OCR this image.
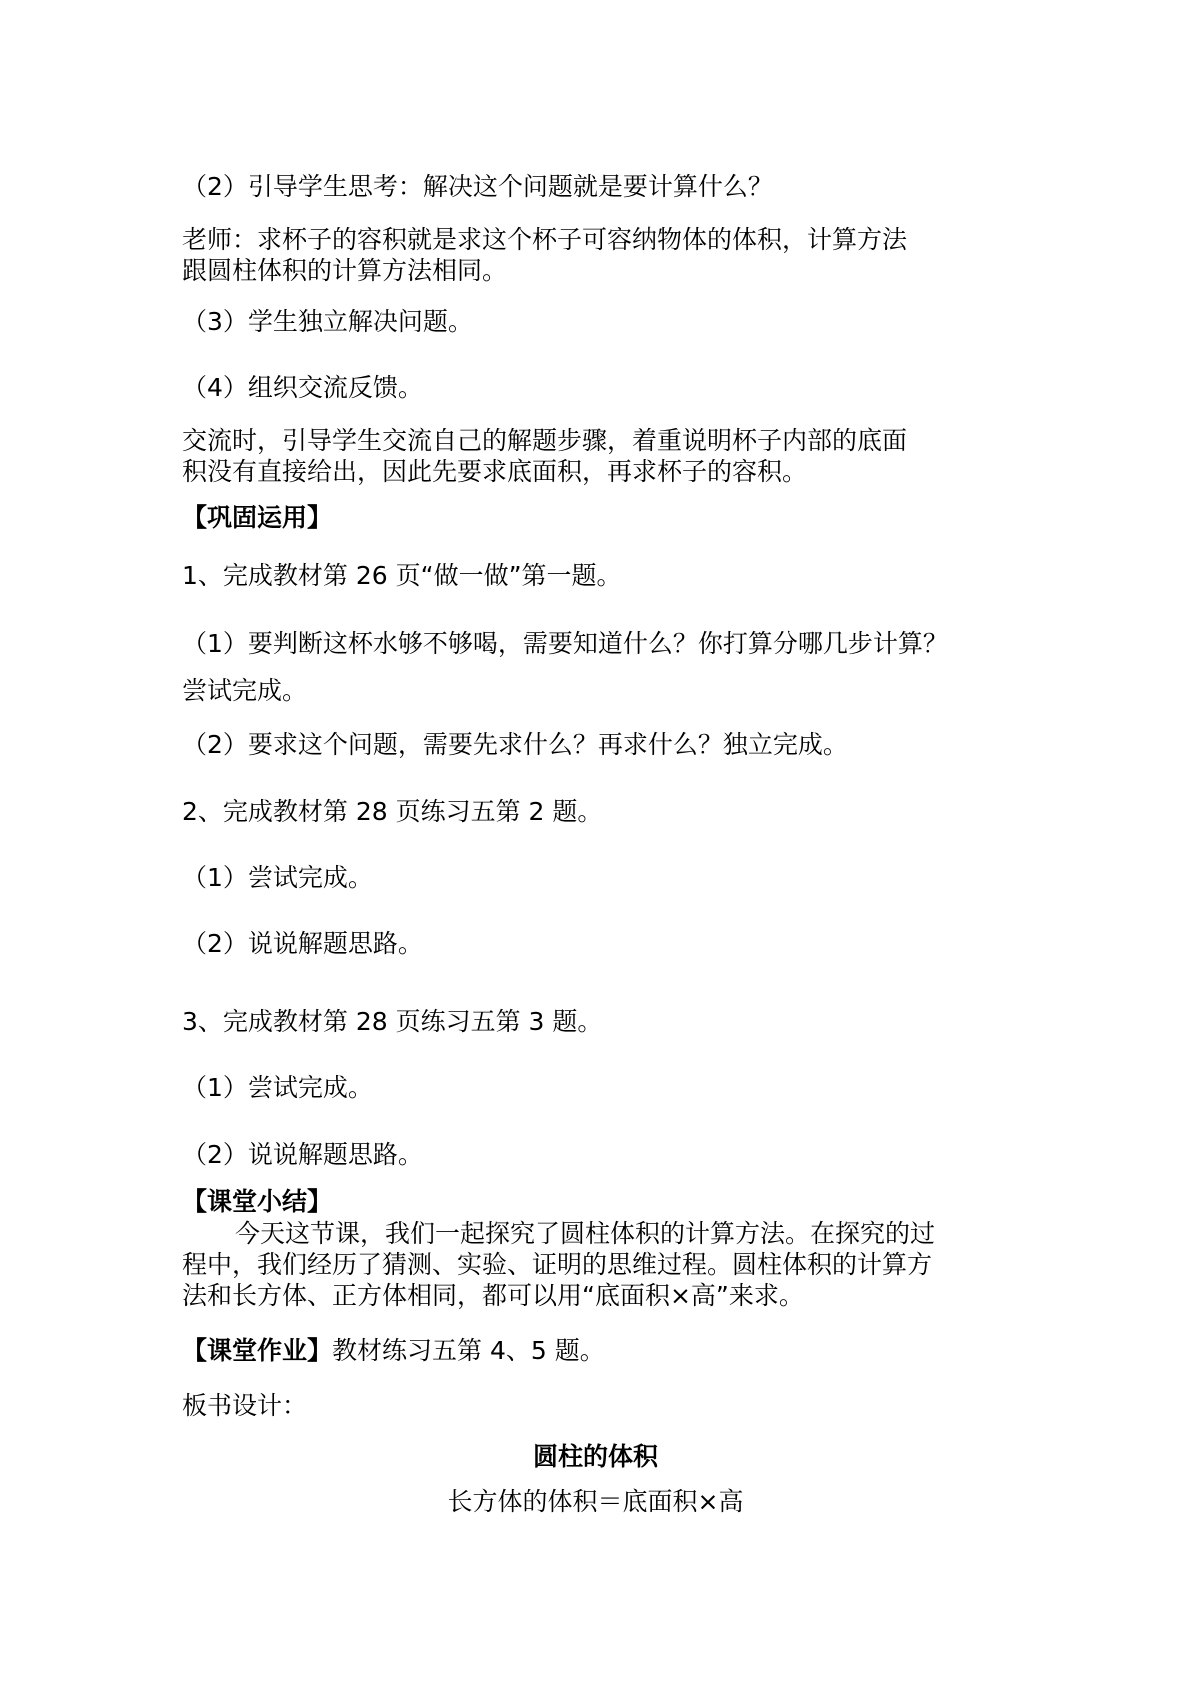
（2）引导学生思考：解决这个问题就是要计算什么？

老师：求杯子的容积就是求这个杯子可容纳物体的体积，计算方法

跟圆柱体积的计算方法相同。

（3）学生独立解决问题。

（4）组织交流反馈。

交流时，引导学生交流自己的解题步骤，着重说明杯子内部的底面

积没有直接给出，因此先要求底面积，再求杯子的容积。

【巩固运用】

1、完成教材第 26 页“做一做”第一题。

（1）要判断这杯水够不够喝，需要知道什么？你打算分哪几步计算？

尝试完成。

（2）要求这个问题，需要先求什么？再求什么？独立完成。

2、完成教材第 28 页练习五第 2 题。

（1）尝试完成。

（2）说说解题思路。

3、完成教材第 28 页练习五第 3 题。

（1）尝试完成。

（2）说说解题思路。

【课堂小结】

今天这节课，我们一起探究了圆柱体积的计算方法。在探究的过

程中，我们经历了猜测、实验、证明的思维过程。圆柱体积的计算方

法和长方体、正方体相同，都可以用“底面积×高”来求。

【课堂作业】教材练习五第 4、5 题。

板书设计：

圆柱的体积

长方体的体积＝底面积×高
